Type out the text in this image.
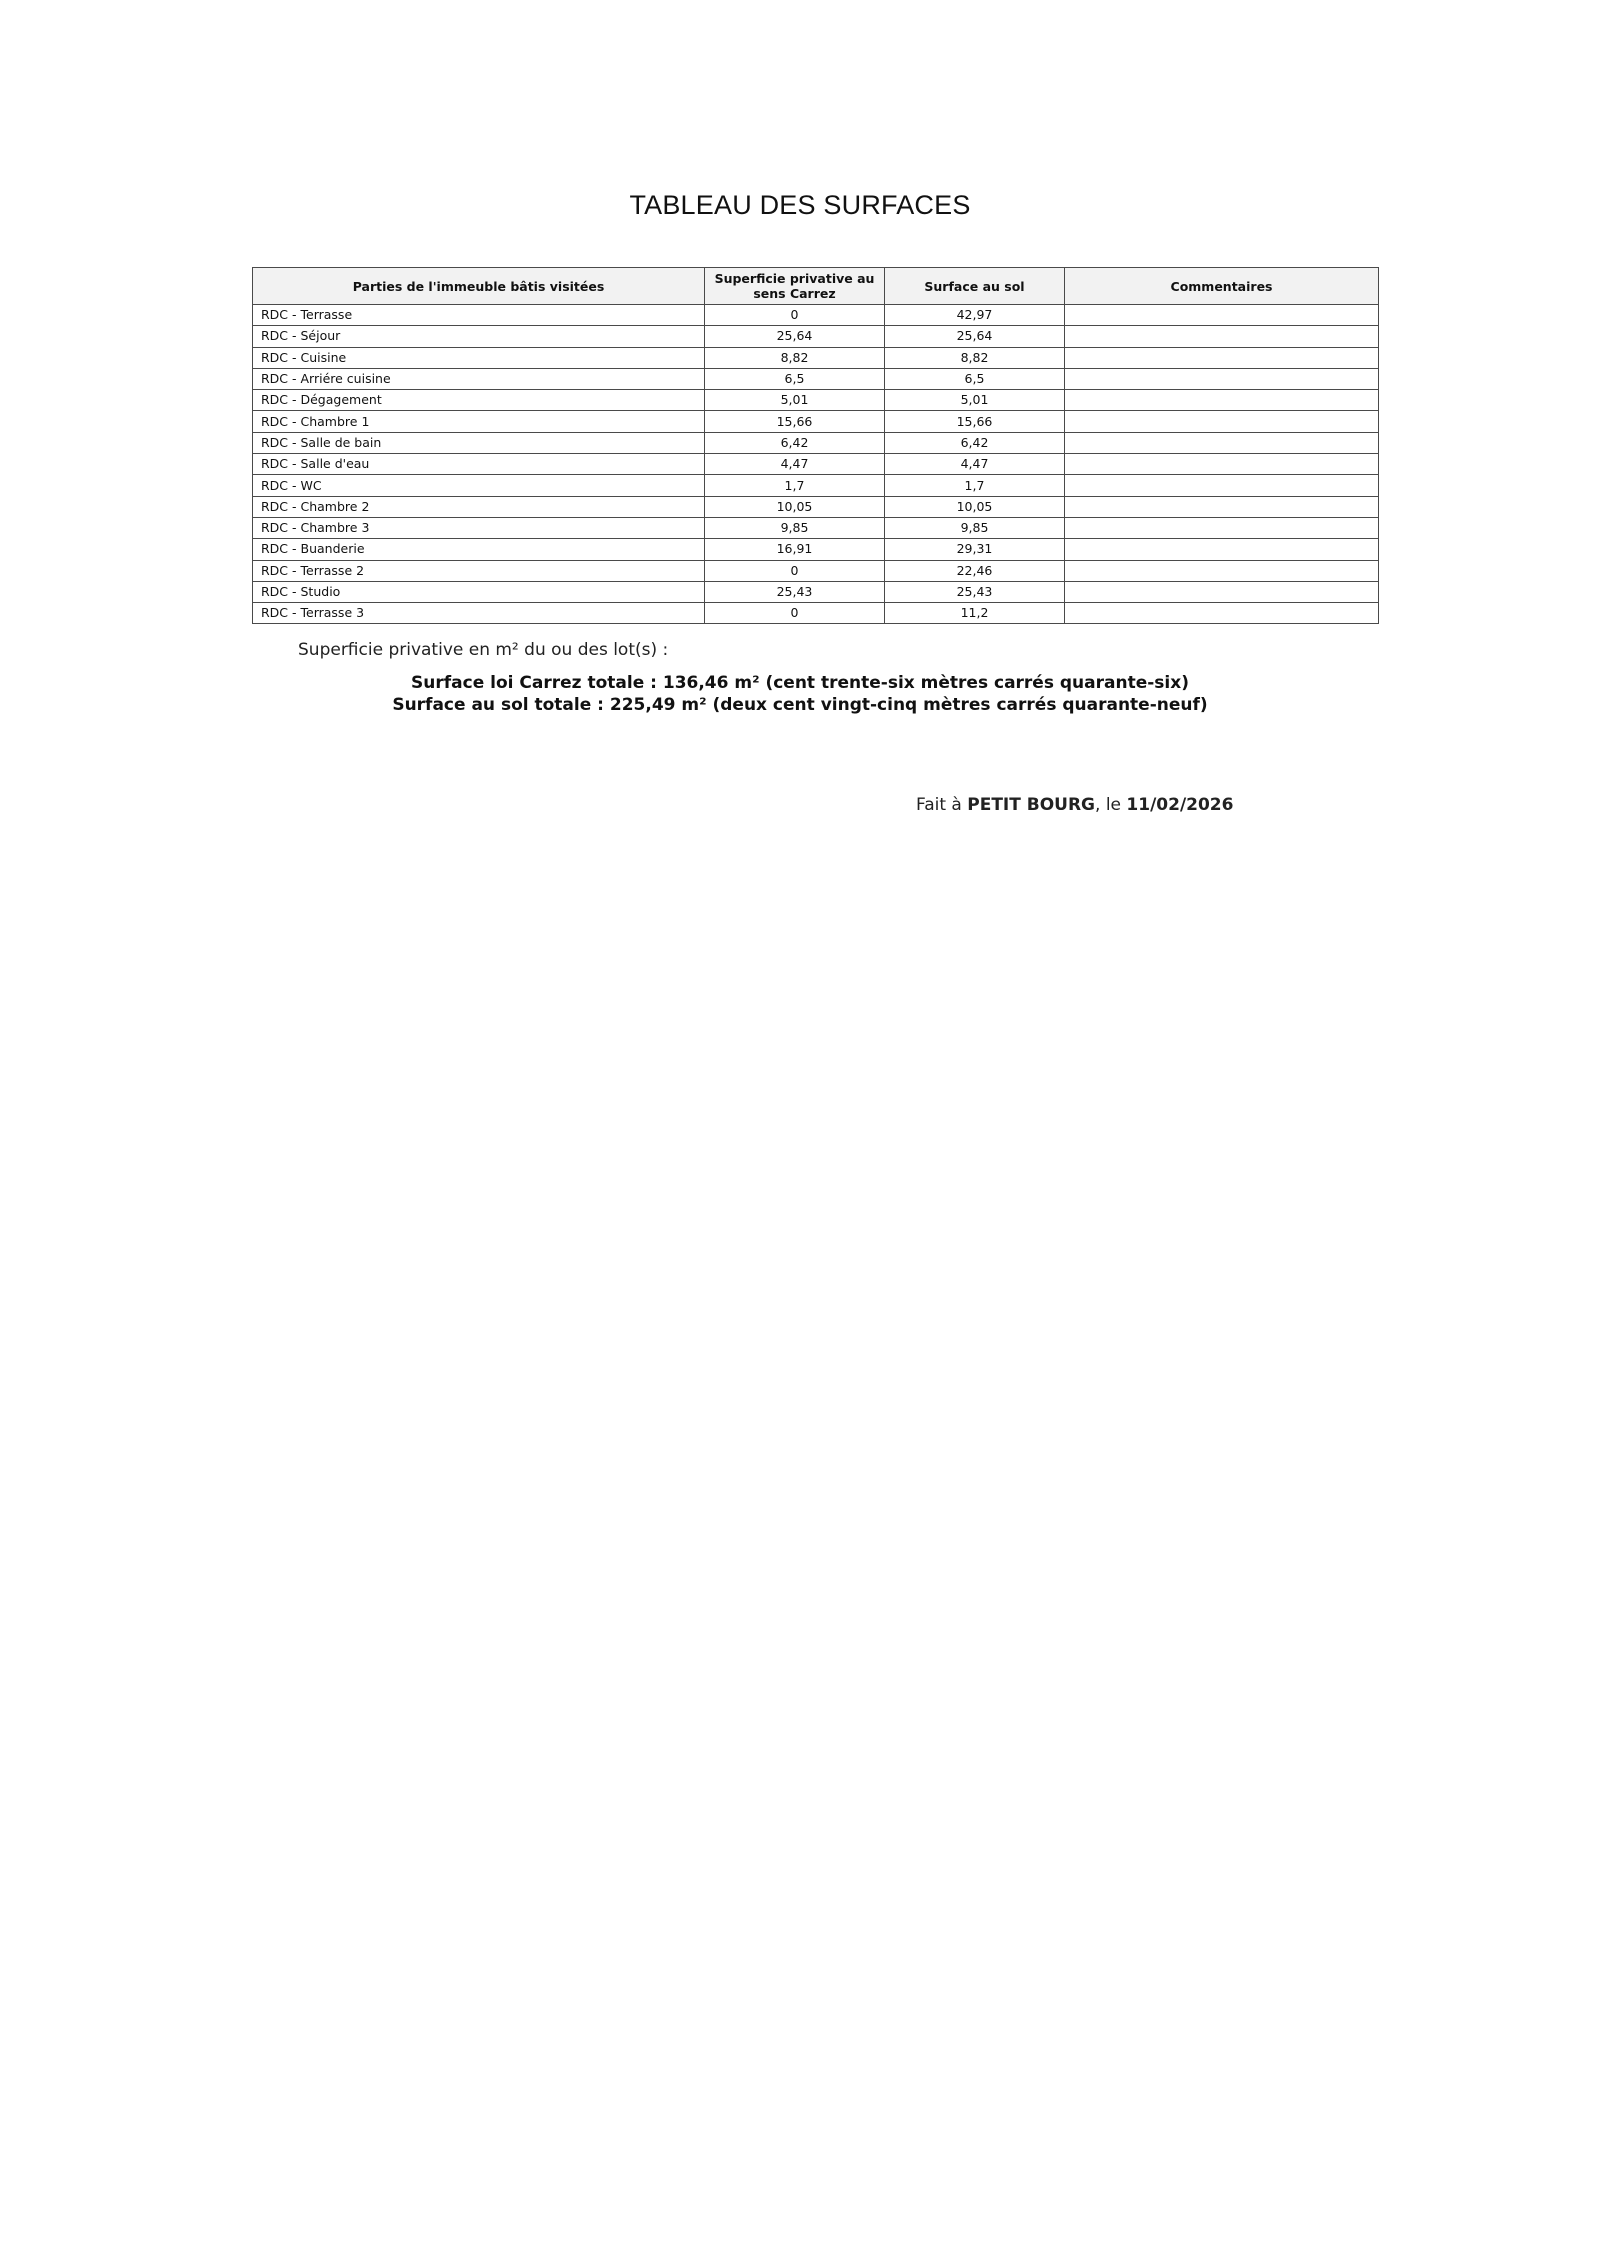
TABLEAU DES SURFACES
Parties de l'immeuble bâtis visitées	Superficie privative au sens Carrez	Surface au sol	Commentaires
RDC - Terrasse	0	42,97	
RDC - Séjour	25,64	25,64	
RDC - Cuisine	8,82	8,82	
RDC - Arriére cuisine	6,5	6,5	
RDC - Dégagement	5,01	5,01	
RDC - Chambre 1	15,66	15,66	
RDC - Salle de bain	6,42	6,42	
RDC - Salle d'eau	4,47	4,47	
RDC - WC	1,7	1,7	
RDC - Chambre 2	10,05	10,05	
RDC - Chambre 3	9,85	9,85	
RDC - Buanderie	16,91	29,31	
RDC - Terrasse 2	0	22,46	
RDC - Studio	25,43	25,43	
RDC - Terrasse 3	0	11,2	
Superficie privative en m² du ou des lot(s) :
Surface loi Carrez totale : 136,46 m² (cent trente-six mètres carrés quarante-six)
Surface au sol totale : 225,49 m² (deux cent vingt-cinq mètres carrés quarante-neuf)
Fait à PETIT BOURG, le 11/02/2026
